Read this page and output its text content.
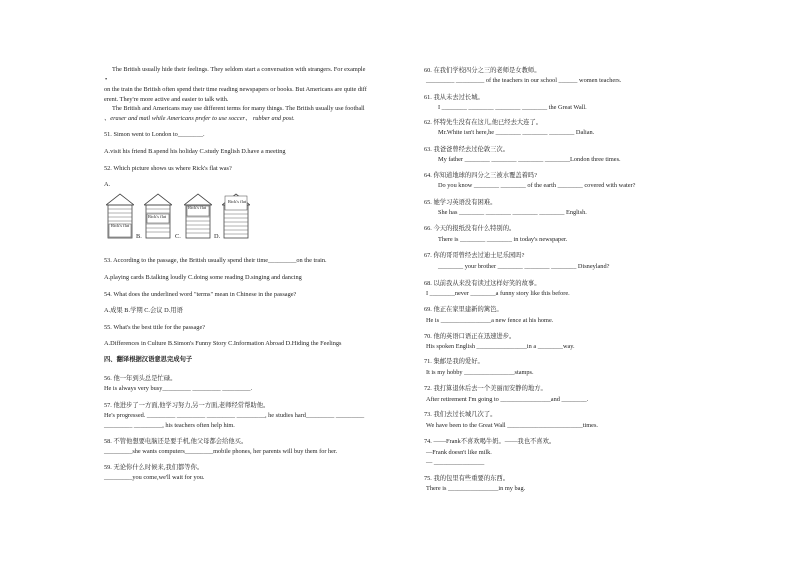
The British usually hide their feelings. They seldom start a conversation with strangers. For example
•
on the train the British often spend their time reading newspapers or books. But Americans are quite diff
erent. They're more active and easier to talk with.
The British and Americans may use different terms for many things. The British usually use football
、eraser and mail while Americans prefer to use soccer、 rubber and post.
51. Simon went to London to________.
A.visit his friend B.spend his holiday C.study English D.have a meeting
52. Which picture shows us where Rick's flat was?
A.
Rick's flat
B.
Rick's flat
C.
Rick's flat
D.
Rick's flat
53. According to the passage, the British usually spend their time_________on the train.
A.playing cards B.talking loudly C.doing some reading D.singing and dancing
54. What does the underlined word "terms" mean in Chinese in the passage?
A.成果 B.学期 C.会议 D.用语
55. What's the best title for the passage?
A.Differences in Culture B.Simon's Funny Story C.Information Abroad D.Hiding the Feelings
四、翻译根据汉语意思完成句子
56. 他一年到头总是忙碌。
He is always very busy_________ _________ _________.
57. 他进步了一方面,他学习努力,另一方面,老师经常帮助他。
He's progressed. _________ _________ _________ _________, he studies hard_________ _________
_________ _________, his teachers often help him.
58. 不管他想要电脑还是要手机,他父母都会给他买。
_________she wants computers_________mobile phones, her parents will buy them for her.
59. 无论你什么时候来,我们都等你。
_________you come,we'll wait for you.
60. 在我们学校四分之三的老师是女教师。
_________ _________ of the teachers in our school ______ women teachers.
61. 我从未去过长城。
I ________ ________ ________ ________ the Great Wall.
62. 怀特先生没有在这儿,他已经去大连了。
Mr.White isn't here,he ________ ________ ________ Dalian.
63. 我爸爸曾经去过伦敦三次。
My father ________ ________ ________ ________London three times.
64. 你知道地球的四分之三被水覆盖着吗?
Do you know ________ ________ of the earth ________ covered with water?
65. 她学习英语没有困难。
She has ________ ________ ________ ________ English.
66. 今天的报纸没有什么特别的。
There is ________ ________ in today's newspaper.
67. 你的哥哥曾经去过迪士尼乐园吗?
________ your brother ________ ________ ________ Disneyland?
68. 以前我从来没有读过这样好笑的故事。
I ________never ________a funny story like this before.
69. 他正在家里建新的篱笆。
He is ________________a new fence at his home.
70. 他的英语口语正在迅速进步。
His spoken English ________________in a ________way.
71. 集邮是我的爱好。
It is my hobby ________________stamps.
72. 我打算退休后去一个美丽而安静的地方。
After retirement I'm going to ________________and ________.
73. 我们去过长城几次了。
We have been to the Great Wall ________________________times.
74. ——Frank不喜欢喝牛奶。——我也不喜欢。
—Frank doesn't like milk.
— ________________
75. 我的包里有些重要的东西。
There is ________________in my bag.
